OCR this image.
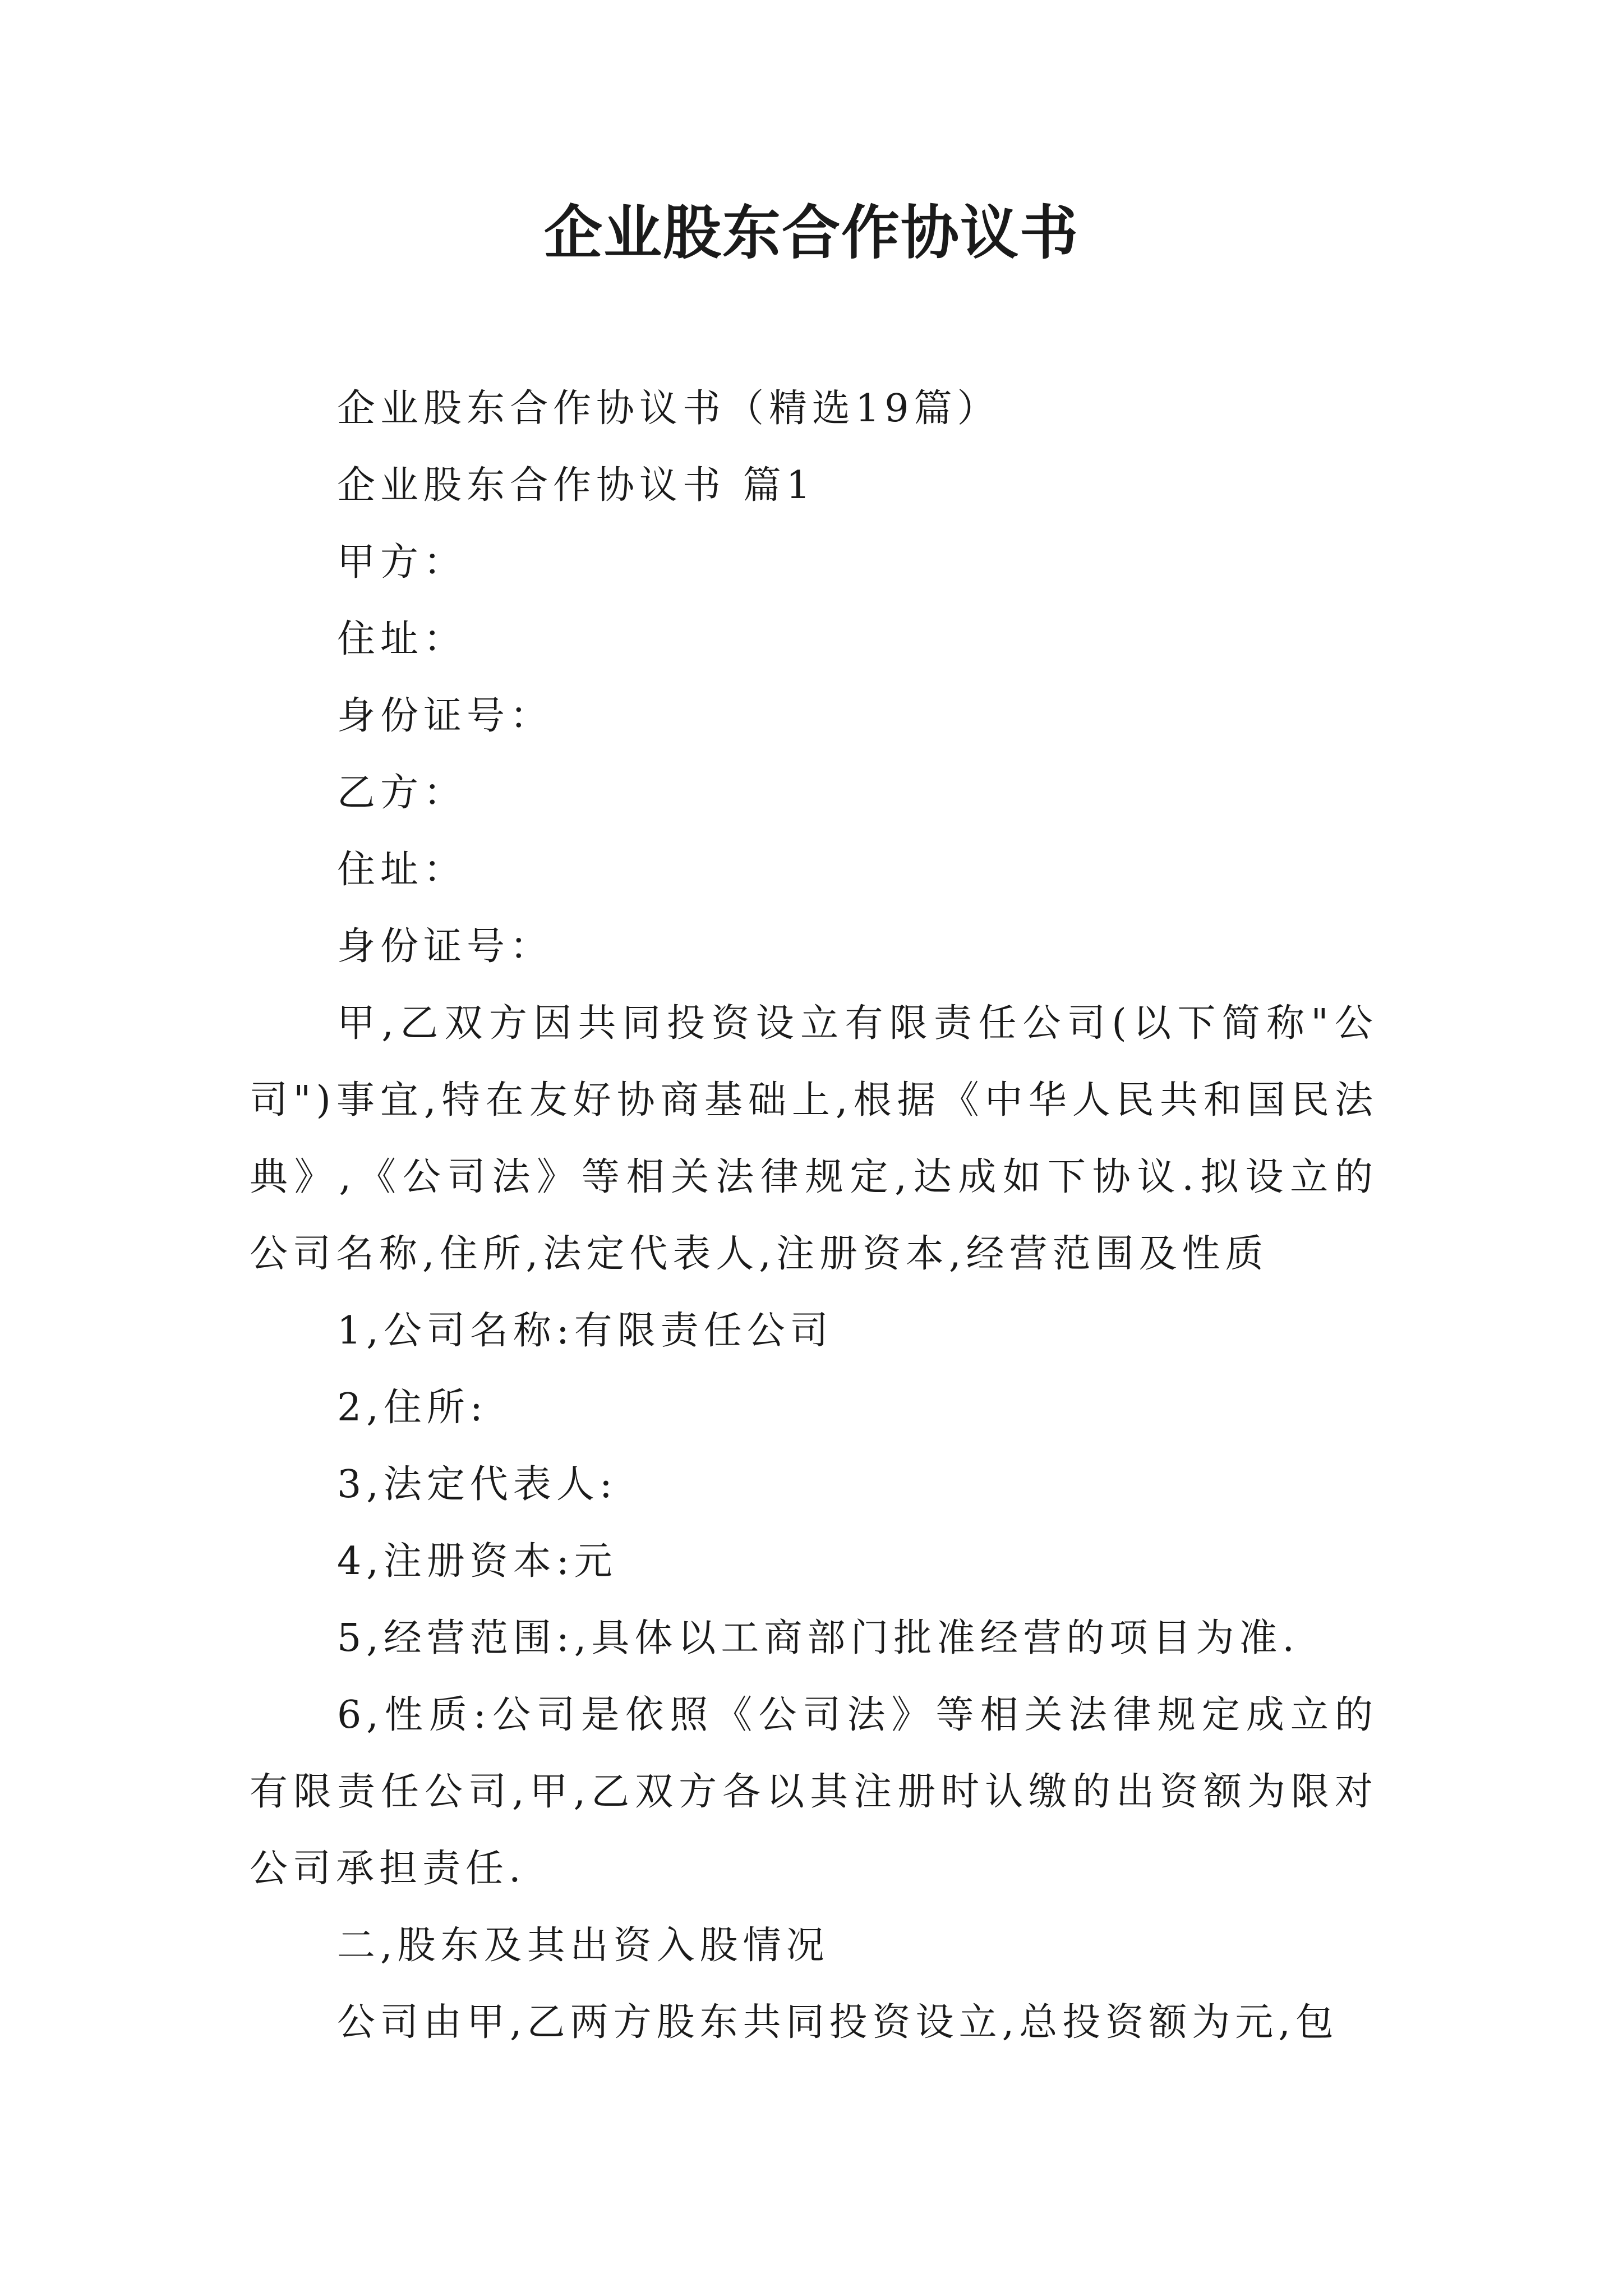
企业股东合作协议书

企业股东合作协议书（精选19篇）

企业股东合作协议书 篇1

甲方：

住址：

身份证号：

乙方：

住址：

身份证号：

甲,乙双方因共同投资设立有限责任公司(以下简称"公司")事宜,特在友好协商基础上,根据《中华人民共和国民法典》,《公司法》等相关法律规定,达成如下协议.拟设立的公司名称,住所,法定代表人,注册资本,经营范围及性质

1,公司名称:有限责任公司

2,住所:

3,法定代表人:

4,注册资本:元

5,经营范围:,具体以工商部门批准经营的项目为准.

6,性质:公司是依照《公司法》等相关法律规定成立的有限责任公司,甲,乙双方各以其注册时认缴的出资额为限对公司承担责任.

二,股东及其出资入股情况

公司由甲,乙两方股东共同投资设立,总投资额为元,包
